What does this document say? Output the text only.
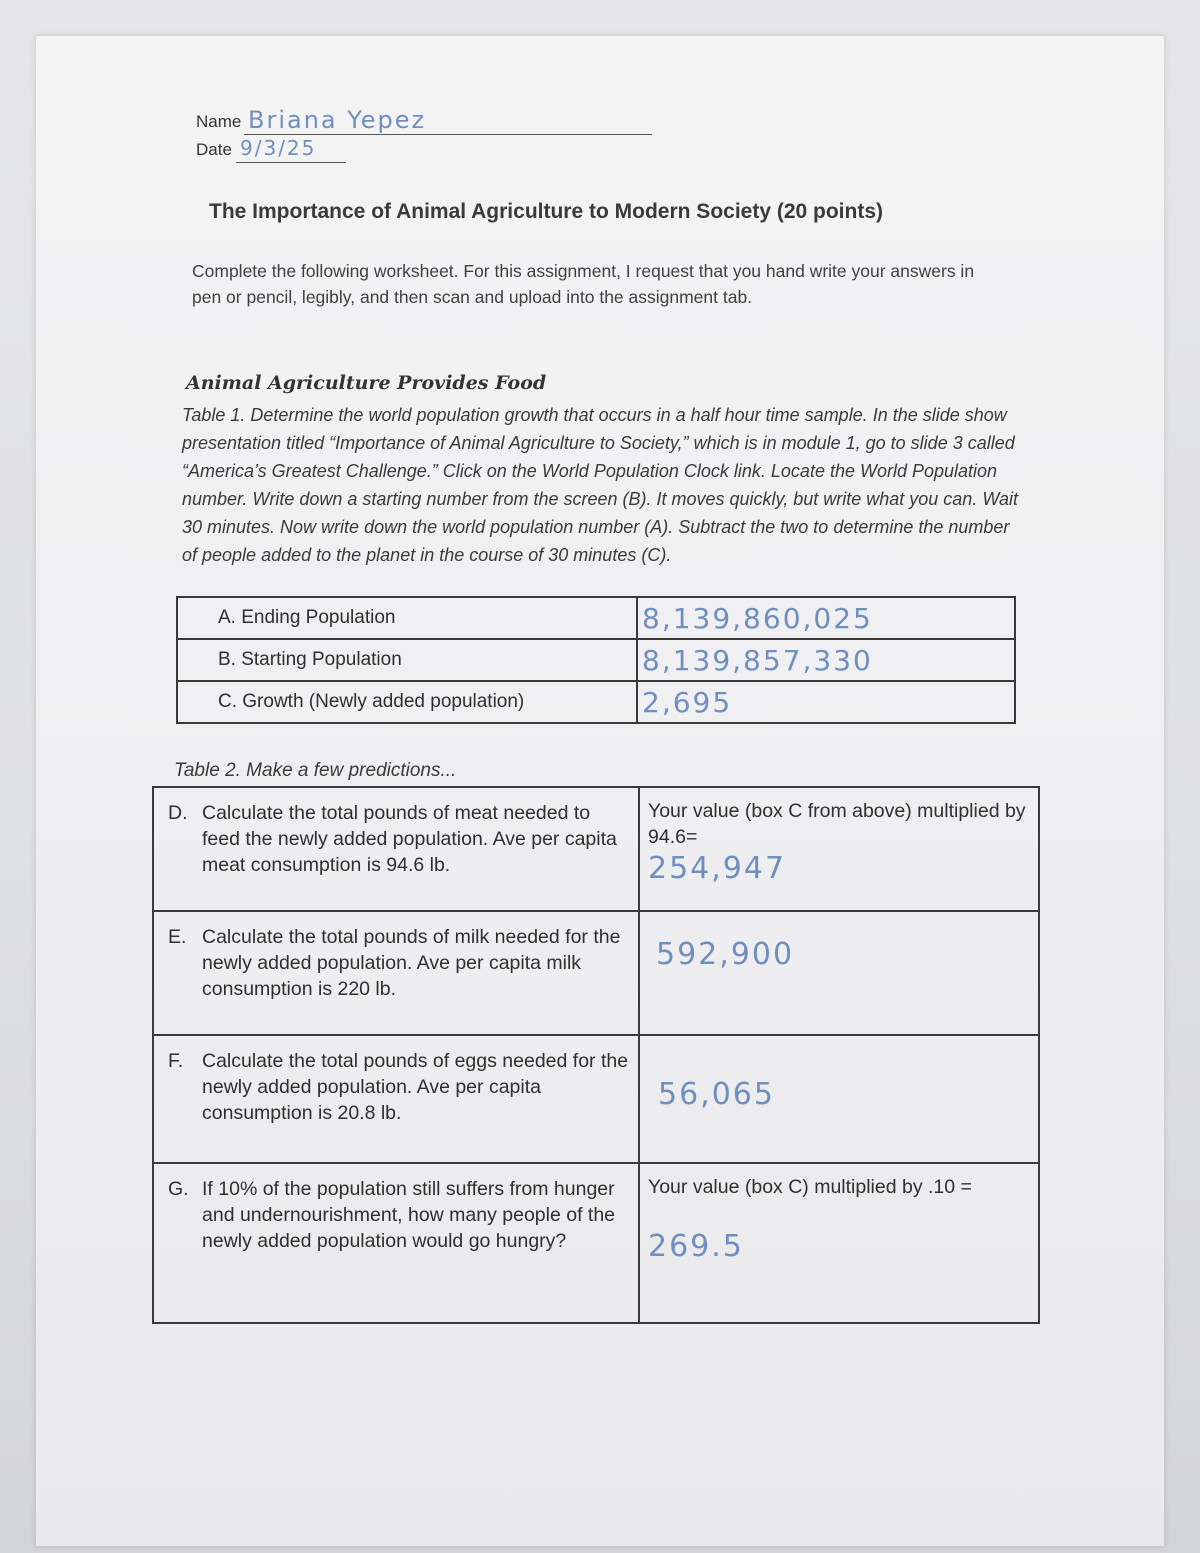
Name Briana Yepez
Date 9/3/25
The Importance of Animal Agriculture to Modern Society (20 points)
Complete the following worksheet. For this assignment, I request that you hand write your answers in pen or pencil, legibly, and then scan and upload into the assignment tab.
Animal Agriculture Provides Food
Table 1. Determine the world population growth that occurs in a half hour time sample. In the slide show presentation titled “Importance of Animal Agriculture to Society,” which is in module 1, go to slide 3 called “America’s Greatest Challenge.” Click on the World Population Clock link. Locate the World Population number. Write down a starting number from the screen (B). It moves quickly, but write what you can. Wait 30 minutes. Now write down the world population number (A). Subtract the two to determine the number of people added to the planet in the course of 30 minutes (C).
A. Ending Population	8,139,860,025
B. Starting Population	8,139,857,330
C. Growth (Newly added population)	2,695
Table 2. Make a few predictions...
D. Calculate the total pounds of meat needed to feed the newly added population. Ave per capita meat consumption is 94.6 lb.	Your value (box C from above) multiplied by 94.6=
254,947

E. Calculate the total pounds of milk needed for the newly added population. Ave per capita milk consumption is 220 lb.	592,900

F. Calculate the total pounds of eggs needed for the newly added population. Ave per capita consumption is 20.8 lb.	56,065

G. If 10% of the population still suffers from hunger and undernourishment, how many people of the newly added population would go hungry?	Your value (box C) multiplied by .10 =
269.5
